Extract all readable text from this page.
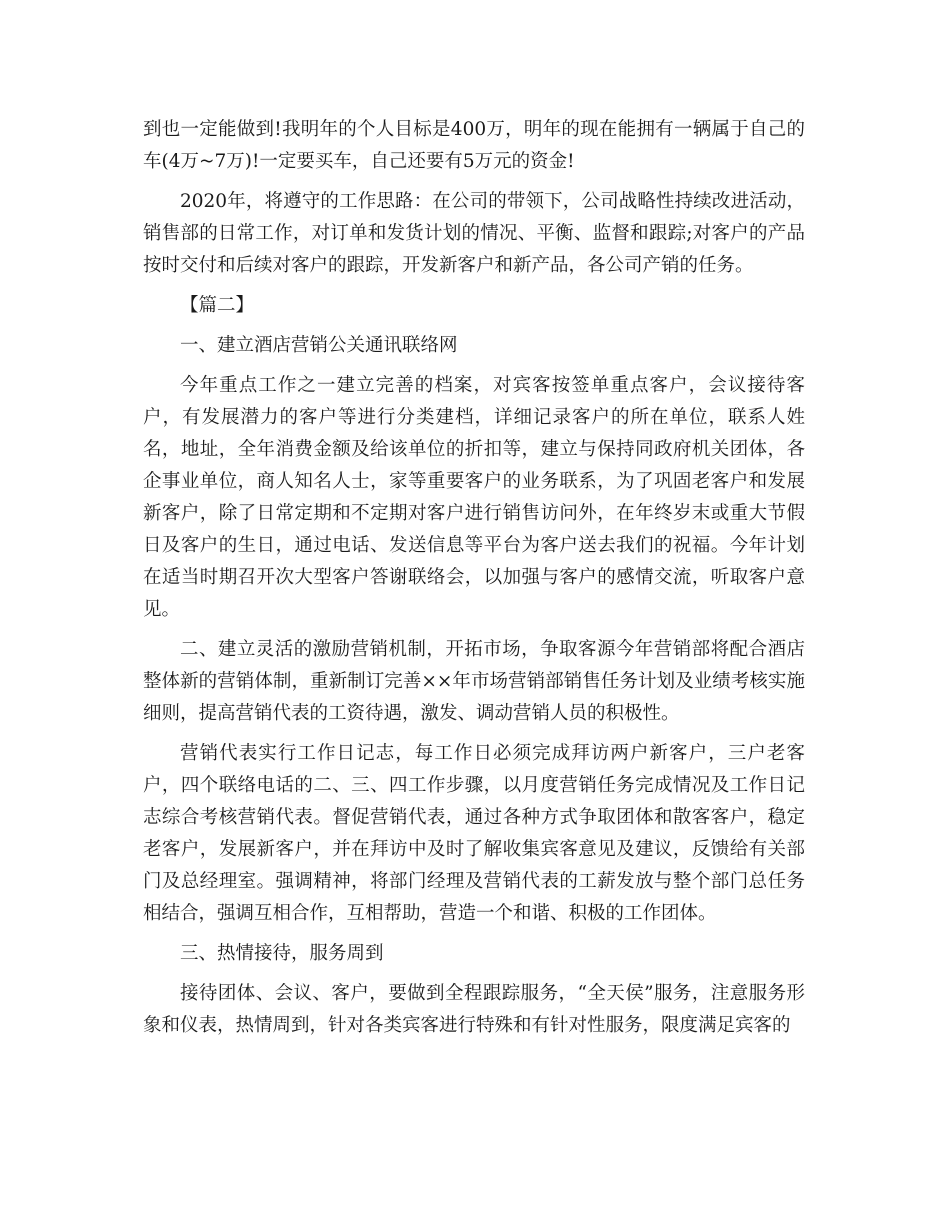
到也一定能做到!我明年的个人目标是400万，明年的现在能拥有一辆属于自己的车(4万~7万)!一定要买车，自己还要有5万元的资金!

2020年，将遵守的工作思路：在公司的带领下，公司战略性持续改进活动，销售部的日常工作，对订单和发货计划的情况、平衡、监督和跟踪;对客户的产品按时交付和后续对客户的跟踪，开发新客户和新产品，各公司产销的任务。

【篇二】

一、建立酒店营销公关通讯联络网

今年重点工作之一建立完善的档案，对宾客按签单重点客户，会议接待客户，有发展潜力的客户等进行分类建档，详细记录客户的所在单位，联系人姓名，地址，全年消费金额及给该单位的折扣等，建立与保持同政府机关团体，各企事业单位，商人知名人士，家等重要客户的业务联系，为了巩固老客户和发展新客户，除了日常定期和不定期对客户进行销售访问外，在年终岁末或重大节假日及客户的生日，通过电话、发送信息等平台为客户送去我们的祝福。今年计划在适当时期召开次大型客户答谢联络会，以加强与客户的感情交流，听取客户意见。

二、建立灵活的激励营销机制，开拓市场，争取客源今年营销部将配合酒店整体新的营销体制，重新制订完善××年市场营销部销售任务计划及业绩考核实施细则，提高营销代表的工资待遇，激发、调动营销人员的积极性。

营销代表实行工作日记志，每工作日必须完成拜访两户新客户，三户老客户，四个联络电话的二、三、四工作步骤，以月度营销任务完成情况及工作日记志综合考核营销代表。督促营销代表，通过各种方式争取团体和散客客户，稳定老客户，发展新客户，并在拜访中及时了解收集宾客意见及建议，反馈给有关部门及总经理室。强调精神，将部门经理及营销代表的工薪发放与整个部门总任务相结合，强调互相合作，互相帮助，营造一个和谐、积极的工作团体。

三、热情接待，服务周到

接待团体、会议、客户，要做到全程跟踪服务，“全天侯”服务，注意服务形象和仪表，热情周到，针对各类宾客进行特殊和有针对性服务，限度满足宾客的
